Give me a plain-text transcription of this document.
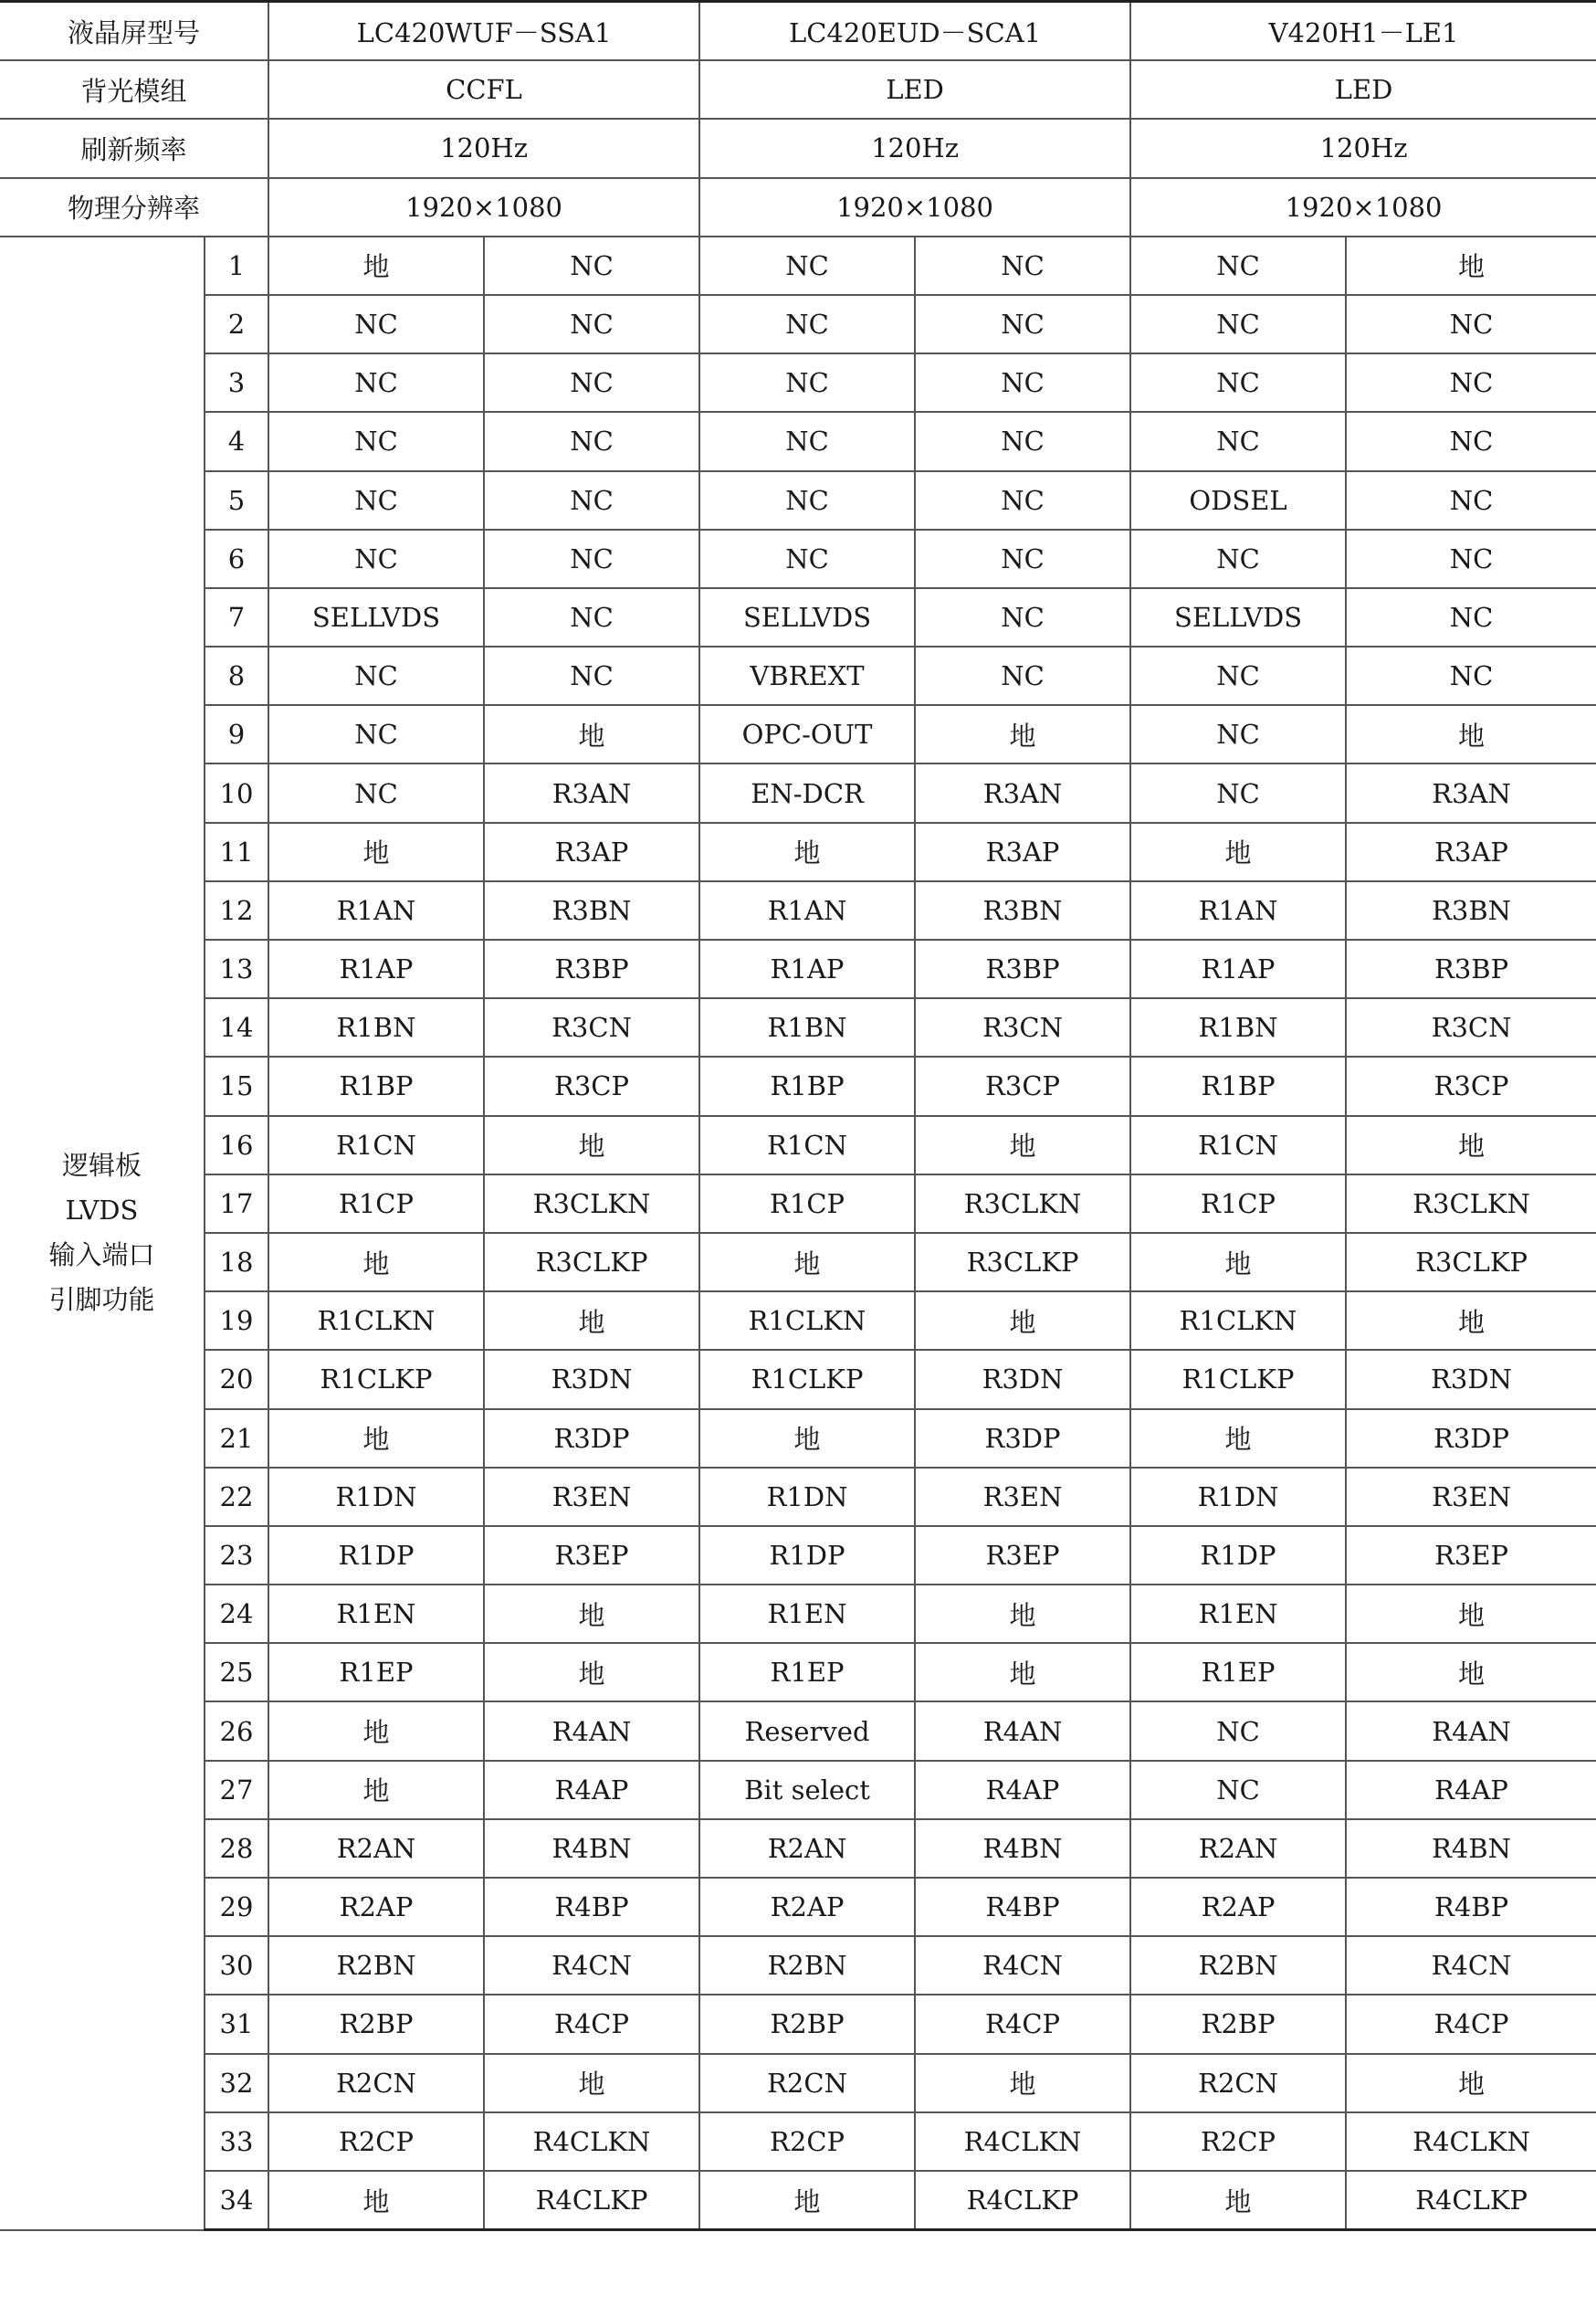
液晶屏型号		LC420WUF－SSA1		LC420EUD－SCA1		V420H1－LE1	
背光模组		CCFL		LED		LED	
刷新频率		120Hz		120Hz		120Hz	
物理分辨率		1920×1080		1920×1080		1920×1080	

逻辑板
LVDS
输入端口
引脚功能	1	地	NC	NC	NC	NC	地
	2	NC	NC	NC	NC	NC	NC
	3	NC	NC	NC	NC	NC	NC
	4	NC	NC	NC	NC	NC	NC
	5	NC	NC	NC	NC	ODSEL	NC
	6	NC	NC	NC	NC	NC	NC
	7	SELLVDS	NC	SELLVDS	NC	SELLVDS	NC
	8	NC	NC	VBREXT	NC	NC	NC
	9	NC	地	OPC-OUT	地	NC	地
	10	NC	R3AN	EN-DCR	R3AN	NC	R3AN
	11	地	R3AP	地	R3AP	地	R3AP
	12	R1AN	R3BN	R1AN	R3BN	R1AN	R3BN
	13	R1AP	R3BP	R1AP	R3BP	R1AP	R3BP
	14	R1BN	R3CN	R1BN	R3CN	R1BN	R3CN
	15	R1BP	R3CP	R1BP	R3CP	R1BP	R3CP
	16	R1CN	地	R1CN	地	R1CN	地
	17	R1CP	R3CLKN	R1CP	R3CLKN	R1CP	R3CLKN
	18	地	R3CLKP	地	R3CLKP	地	R3CLKP
	19	R1CLKN	地	R1CLKN	地	R1CLKN	地
	20	R1CLKP	R3DN	R1CLKP	R3DN	R1CLKP	R3DN
	21	地	R3DP	地	R3DP	地	R3DP
	22	R1DN	R3EN	R1DN	R3EN	R1DN	R3EN
	23	R1DP	R3EP	R1DP	R3EP	R1DP	R3EP
	24	R1EN	地	R1EN	地	R1EN	地
	25	R1EP	地	R1EP	地	R1EP	地
	26	地	R4AN	Reserved	R4AN	NC	R4AN
	27	地	R4AP	Bit select	R4AP	NC	R4AP
	28	R2AN	R4BN	R2AN	R4BN	R2AN	R4BN
	29	R2AP	R4BP	R2AP	R4BP	R2AP	R4BP
	30	R2BN	R4CN	R2BN	R4CN	R2BN	R4CN
	31	R2BP	R4CP	R2BP	R4CP	R2BP	R4CP
	32	R2CN	地	R2CN	地	R2CN	地
	33	R2CP	R4CLKN	R2CP	R4CLKN	R2CP	R4CLKN
	34	地	R4CLKP	地	R4CLKP	地	R4CLKP
